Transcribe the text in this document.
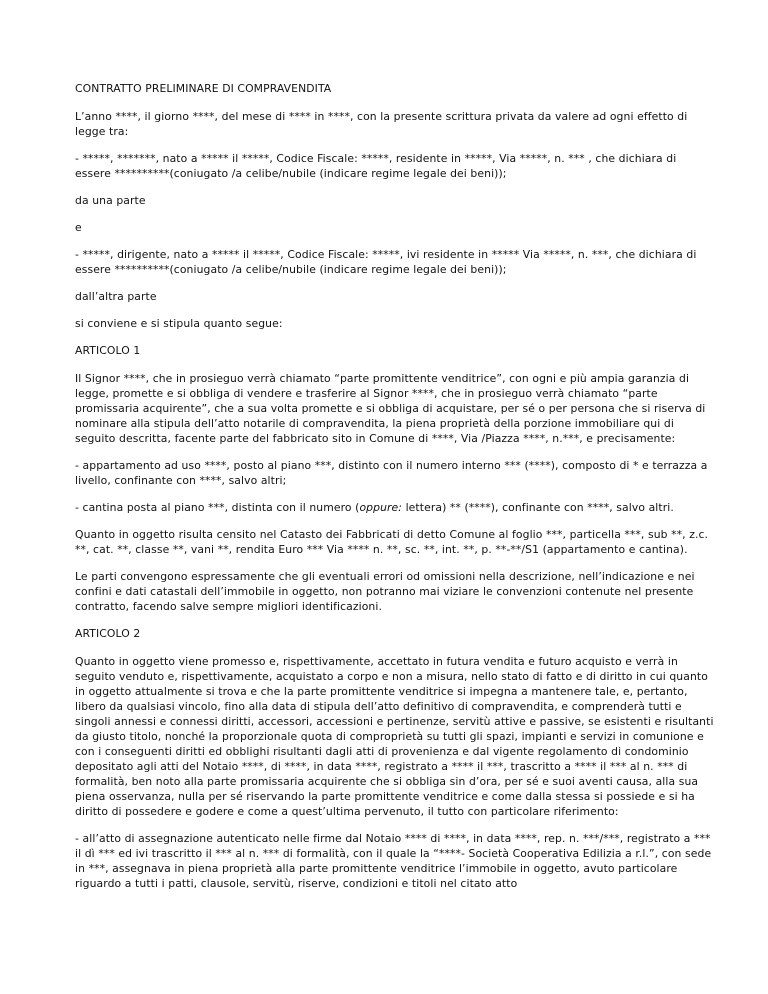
CONTRATTO PRELIMINARE DI COMPRAVENDITA

L’anno ****, il giorno ****, del mese di **** in ****, con la presente scrittura privata da valere ad ogni effetto di legge tra:

- *****, *******, nato a ***** il *****, Codice Fiscale: *****, residente in *****, Via *****, n. *** , che dichiara di essere **********(coniugato /a celibe/nubile (indicare regime legale dei beni));

da una parte

e

- *****, dirigente, nato a ***** il *****, Codice Fiscale: *****, ivi residente in ***** Via *****, n. ***, che dichiara di essere **********(coniugato /a celibe/nubile (indicare regime legale dei beni));

dall’altra parte

si conviene e si stipula quanto segue:

ARTICOLO 1

Il Signor ****, che in prosieguo verrà chiamato “parte promittente venditrice”, con ogni e più ampia garanzia di legge, promette e si obbliga di vendere e trasferire al Signor ****, che in prosieguo verrà chiamato “parte promissaria acquirente”, che a sua volta promette e si obbliga di acquistare, per sé o per persona che si riserva di nominare alla stipula dell’atto notarile di compravendita, la piena proprietà della porzione immobiliare qui di seguito descritta, facente parte del fabbricato sito in Comune di ****, Via /Piazza ****, n.***, e precisamente:

- appartamento ad uso ****, posto al piano ***, distinto con il numero interno *** (****), composto di * e terrazza a livello, confinante con ****, salvo altri;

- cantina posta al piano ***, distinta con il numero (oppure: lettera) ** (****), confinante con ****, salvo altri.

Quanto in oggetto risulta censito nel Catasto dei Fabbricati di detto Comune al foglio ***, particella ***, sub **, z.c. **, cat. **, classe **, vani **, rendita Euro *** Via **** n. **, sc. **, int. **, p. **-**/S1 (appartamento e cantina).

Le parti convengono espressamente che gli eventuali errori od omissioni nella descrizione, nell’indicazione e nei confini e dati catastali dell’immobile in oggetto, non potranno mai viziare le convenzioni contenute nel presente contratto, facendo salve sempre migliori identificazioni.

ARTICOLO 2

Quanto in oggetto viene promesso e, rispettivamente, accettato in futura vendita e futuro acquisto e verrà in seguito venduto e, rispettivamente, acquistato a corpo e non a misura, nello stato di fatto e di diritto in cui quanto in oggetto attualmente si trova e che la parte promittente venditrice si impegna a mantenere tale, e, pertanto, libero da qualsiasi vincolo, fino alla data di stipula dell’atto definitivo di compravendita, e comprenderà tutti e singoli annessi e connessi diritti, accessori, accessioni e pertinenze, servitù attive e passive, se esistenti e risultanti da giusto titolo, nonché la proporzionale quota di comproprietà su tutti gli spazi, impianti e servizi in comunione e con i conseguenti diritti ed obblighi risultanti dagli atti di provenienza e dal vigente regolamento di condominio depositato agli atti del Notaio ****, di ****, in data ****, registrato a **** il ***, trascritto a **** il *** al n. *** di formalità, ben noto alla parte promissaria acquirente che si obbliga sin d’ora, per sé e suoi aventi causa, alla sua piena osservanza, nulla per sé riservando la parte promittente venditrice e come dalla stessa si possiede e si ha diritto di possedere e godere e come a quest’ultima pervenuto, il tutto con particolare riferimento:

- all’atto di assegnazione autenticato nelle firme dal Notaio **** di ****, in data ****, rep. n. ***/***, registrato a *** il dì *** ed ivi trascritto il *** al n. *** di formalità, con il quale la “****- Società Cooperativa Edilizia a r.l.”, con sede in ***, assegnava in piena proprietà alla parte promittente venditrice l’immobile in oggetto, avuto particolare riguardo a tutti i patti, clausole, servitù, riserve, condizioni e titoli nel citato atto
